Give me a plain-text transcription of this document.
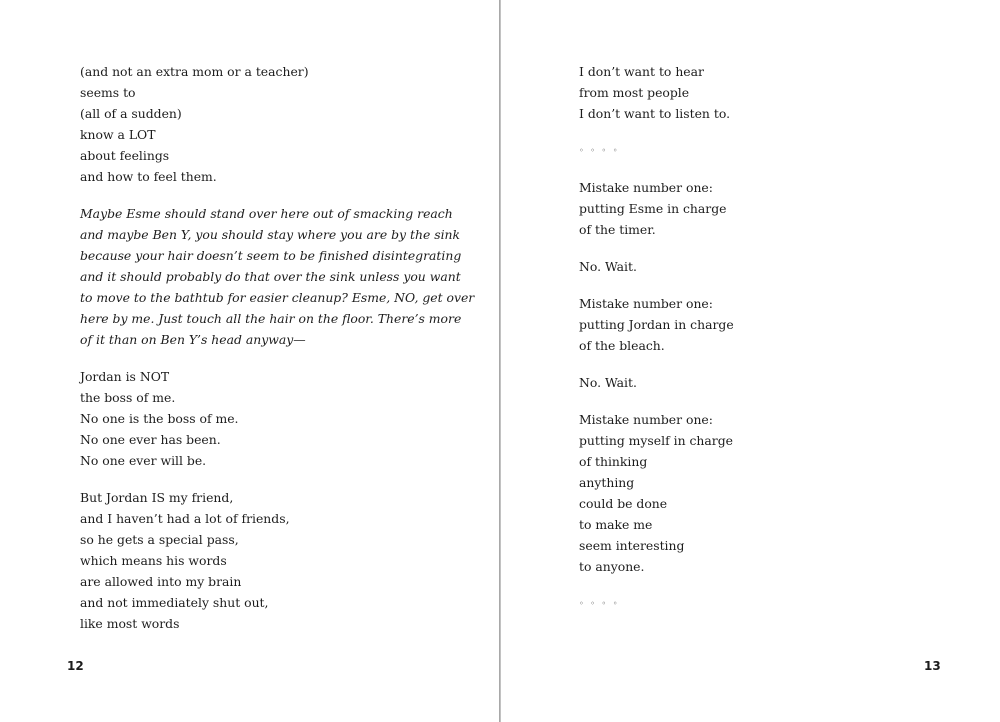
(and not an extra mom or a teacher)
seems to
(all of a sudden)
know a LOT
about feelings
and how to feel them.
Maybe Esme should stand over here out of smacking reach
and maybe Ben Y, you should stay where you are by the sink
because your hair doesn’t seem to be finished disintegrating
and it should probably do that over the sink unless you want
to move to the bathtub for easier cleanup? Esme, NO, get over
here by me. Just touch all the hair on the floor. There’s more
of it than on Ben Y’s head anyway—
Jordan is NOT
the boss of me.
No one is the boss of me.
No one ever has been.
No one ever will be.
But Jordan IS my friend,
and I haven’t had a lot of friends,
so he gets a special pass,
which means his words
are allowed into my brain
and not immediately shut out,
like most words
12
I don’t want to hear
from most people
I don’t want to listen to.
◦ ◦ ◦ ◦
Mistake number one:
putting Esme in charge
of the timer.
No. Wait.
Mistake number one:
putting Jordan in charge
of the bleach.
No. Wait.
Mistake number one:
putting myself in charge
of thinking
anything
could be done
to make me
seem interesting
to anyone.
◦ ◦ ◦ ◦
13
